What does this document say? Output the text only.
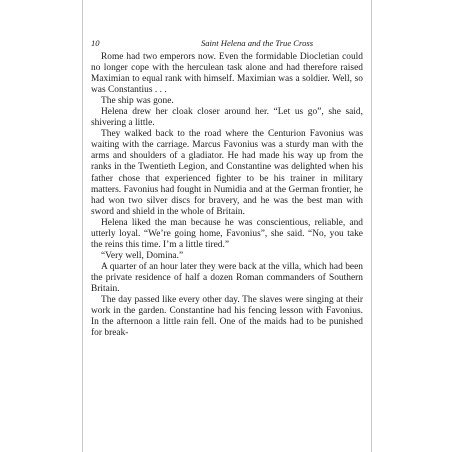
10	Saint Helena and the True Cross

Rome had two emperors now. Even the formidable Diocletian could no longer cope with the herculean task alone and had therefore raised Maximian to equal rank with himself. Maximian was a soldier. Well, so was Constantius . . .

The ship was gone.

Helena drew her cloak closer around her. “Let us go”, she said, shivering a little.

They walked back to the road where the Centurion Favonius was waiting with the carriage. Marcus Favonius was a sturdy man with the arms and shoulders of a gladiator. He had made his way up from the ranks in the Twentieth Legion, and Constantine was delighted when his father chose that experienced fighter to be his trainer in military matters. Favonius had fought in Numidia and at the German frontier, he had won two silver discs for bravery, and he was the best man with sword and shield in the whole of Britain.

Helena liked the man because he was conscientious, reliable, and utterly loyal. “We’re going home, Favonius”, she said. “No, you take the reins this time. I’m a little tired.”

“Very well, Domina.”

A quarter of an hour later they were back at the villa, which had been the private residence of half a dozen Roman commanders of Southern Britain.

The day passed like every other day. The slaves were singing at their work in the garden. Constantine had his fencing lesson with Favonius. In the afternoon a little rain fell. One of the maids had to be punished for break-
